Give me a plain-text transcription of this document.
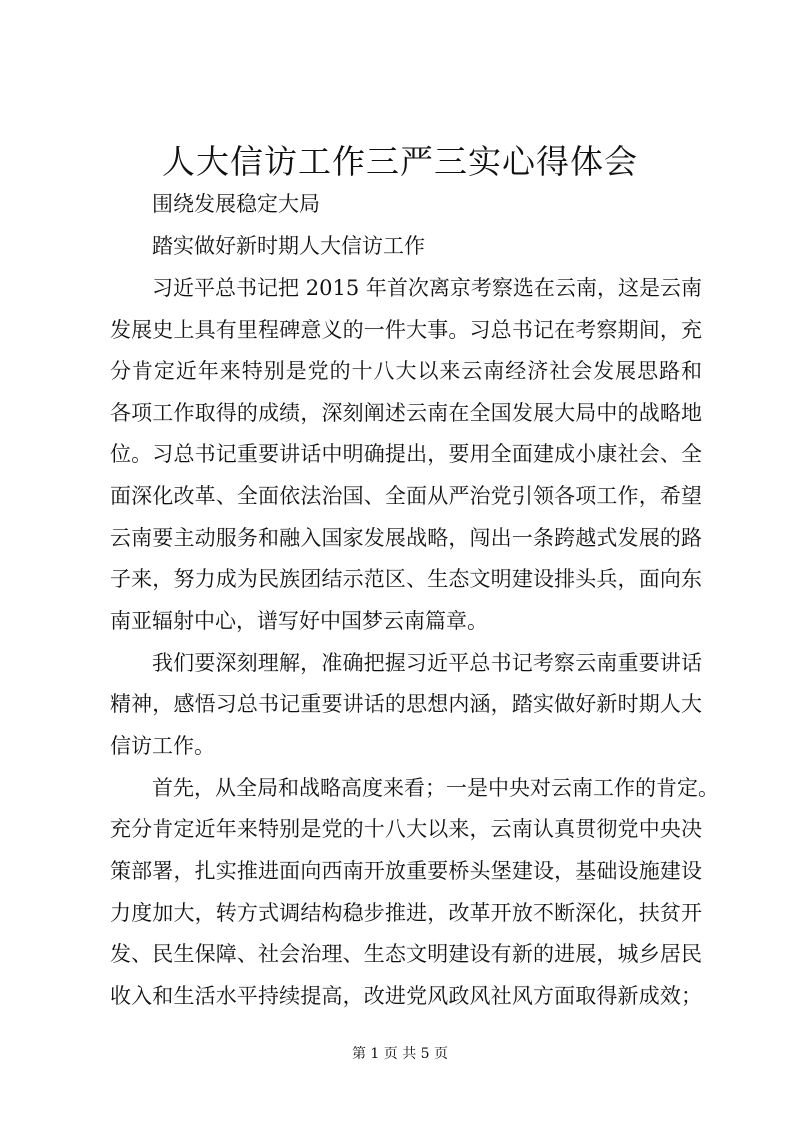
人大信访工作三严三实心得体会
围绕发展稳定大局
踏实做好新时期人大信访工作
习近平总书记把 2015 年首次离京考察选在云南，这是云南
发展史上具有里程碑意义的一件大事。习总书记在考察期间，充
分肯定近年来特别是党的十八大以来云南经济社会发展思路和
各项工作取得的成绩，深刻阐述云南在全国发展大局中的战略地
位。习总书记重要讲话中明确提出，要用全面建成小康社会、全
面深化改革、全面依法治国、全面从严治党引领各项工作，希望
云南要主动服务和融入国家发展战略，闯出一条跨越式发展的路
子来，努力成为民族团结示范区、生态文明建设排头兵，面向东
南亚辐射中心，谱写好中国梦云南篇章。
我们要深刻理解，准确把握习近平总书记考察云南重要讲话
精神，感悟习总书记重要讲话的思想内涵，踏实做好新时期人大
信访工作。
首先，从全局和战略高度来看；一是中央对云南工作的肯定。
充分肯定近年来特别是党的十八大以来，云南认真贯彻党中央决
策部署，扎实推进面向西南开放重要桥头堡建设，基础设施建设
力度加大，转方式调结构稳步推进，改革开放不断深化，扶贫开
发、民生保障、社会治理、生态文明建设有新的进展，城乡居民
收入和生活水平持续提高，改进党风政风社风方面取得新成效；
第 1 页 共 5 页
